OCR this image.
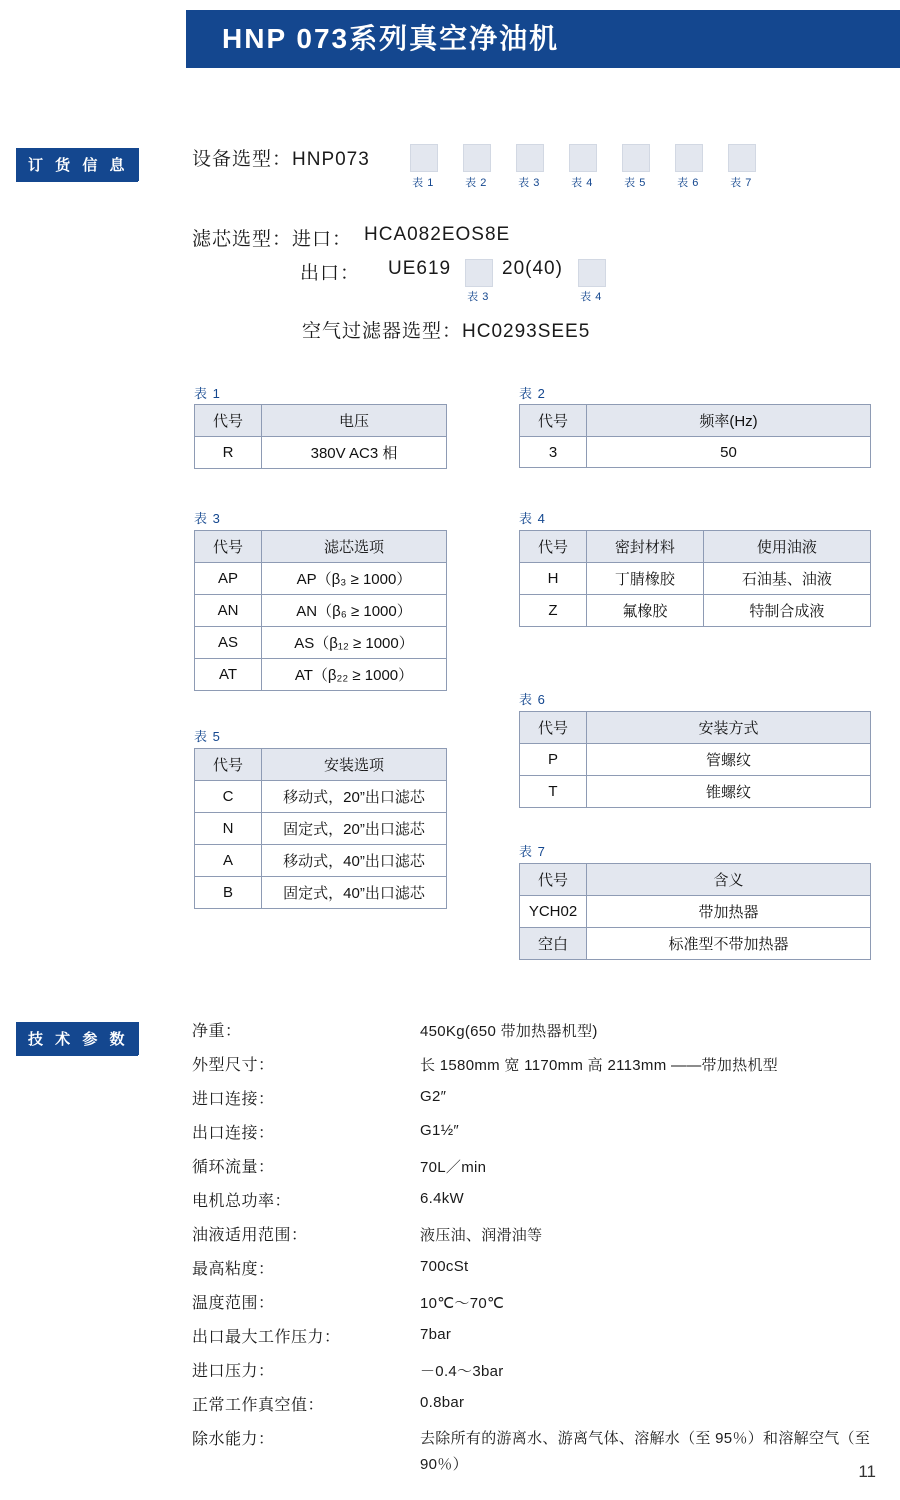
HNP 073系列真空净油机
订 货 信 息	设备选型：HNP073
表 1	表 2	表 3	表 4	表 5	表 6	表 7
滤芯选型：进口： HCA082EOS8E
出口： UE619
表 3
20(40)
表 4
空气过滤器选型：HC0293SEE5
表 1
代号	电压
R	380V AC3 相
表 2
代号	频率(Hz)
3	50
表 3
代号	滤芯选项
AP	AP（β₃ ≥ 1000）
AN	AN（β₆ ≥ 1000）
AS	AS（β₁₂ ≥ 1000）
AT	AT（β₂₂ ≥ 1000）
表 4
代号	密封材料	使用油液
H	丁腈橡胶	石油基、油液
Z	氟橡胶	特制合成液
表 5
代号	安装选项
C	移动式，20”出口滤芯
N	固定式，20”出口滤芯
A	移动式，40”出口滤芯
B	固定式，40”出口滤芯
表 6
代号	安装方式
P	管螺纹
T	锥螺纹
表 7
代号	含义
YCH02	带加热器
空白	标准型不带加热器
技 术 参 数	净重：	450Kg(650 带加热器机型)
外型尺寸：	长 1580mm 宽 1170mm 高 2113mm ——带加热机型
进口连接：	G2″
出口连接：	G1½″
循环流量：	70L／min
电机总功率：	6.4kW
油液适用范围：	液压油、润滑油等
最高粘度：	700cSt
温度范围：	10℃～70℃
出口最大工作压力：	7bar
进口压力：	－0.4～3bar
正常工作真空值：	0.8bar
除水能力：	去除所有的游离水、游离气体、溶解水（至 95％）和溶解空气（至 90％）	11
